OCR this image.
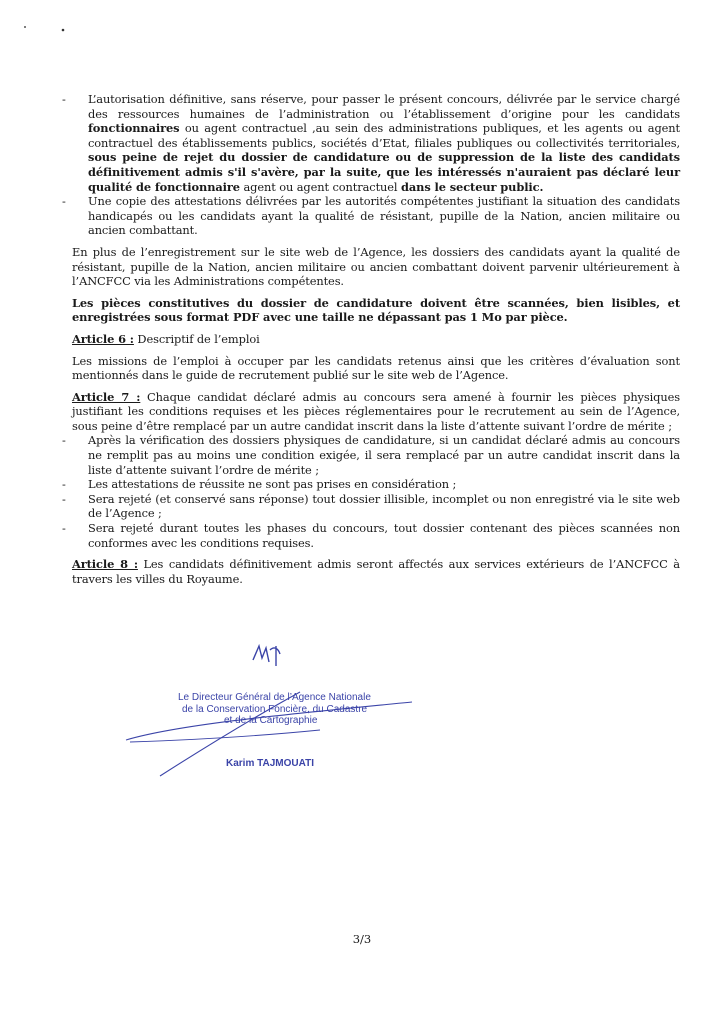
- L’autorisation définitive, sans réserve, pour passer le présent concours, délivrée par le service chargé des ressources humaines de l’administration ou l’établissement d’origine pour les candidats fonctionnaires ou agent contractuel ,au sein des administrations publiques, et les agents ou agent contractuel des établissements publics, sociétés d’Etat, filiales publiques ou collectivités territoriales, sous peine de rejet du dossier de candidature ou de suppression de la liste des candidats définitivement admis s'il s'avère, par la suite, que les intéressés n'auraient pas déclaré leur qualité de fonctionnaire agent ou agent contractuel dans le secteur public.

- Une copie des attestations délivrées par les autorités compétentes justifiant la situation des candidats handicapés ou les candidats ayant la qualité de résistant, pupille de la Nation, ancien militaire ou ancien combattant.

En plus de l’enregistrement sur le site web de l’Agence, les dossiers des candidats ayant la qualité de résistant, pupille de la Nation, ancien militaire ou ancien combattant doivent parvenir ultérieurement à l’ANCFCC via les Administrations compétentes.

Les pièces constitutives du dossier de candidature doivent être scannées, bien lisibles, et enregistrées sous format PDF avec une taille ne dépassant pas 1 Mo par pièce.

Article 6 : Descriptif de l’emploi

Les missions de l’emploi à occuper par les candidats retenus ainsi que les critères d’évaluation sont mentionnés dans le guide de recrutement publié sur le site web de l’Agence.

Article 7 : Chaque candidat déclaré admis au concours sera amené à fournir les pièces physiques justifiant les conditions requises et les pièces réglementaires pour le recrutement au sein de l’Agence, sous peine d’être remplacé par un autre candidat inscrit dans la liste d’attente suivant l’ordre de mérite ;

- Après la vérification des dossiers physiques de candidature, si un candidat déclaré admis au concours ne remplit pas au moins une condition exigée, il sera remplacé par un autre candidat inscrit dans la liste d’attente suivant l’ordre de mérite ;

- Les attestations de réussite ne sont pas prises en considération ;

- Sera rejeté (et conservé sans réponse) tout dossier illisible, incomplet ou non enregistré via le site web de l’Agence ;

- Sera rejeté durant toutes les phases du concours, tout dossier contenant des pièces scannées non conformes avec les conditions requises.

Article 8 : Les candidats définitivement admis seront affectés aux services extérieurs de l’ANCFCC à travers les villes du Royaume.

Le Directeur Général de l’Agence Nationale
de la Conservation Foncière, du Cadastre
et de la Cartographie
Karim TAJMOUATI
3/3
